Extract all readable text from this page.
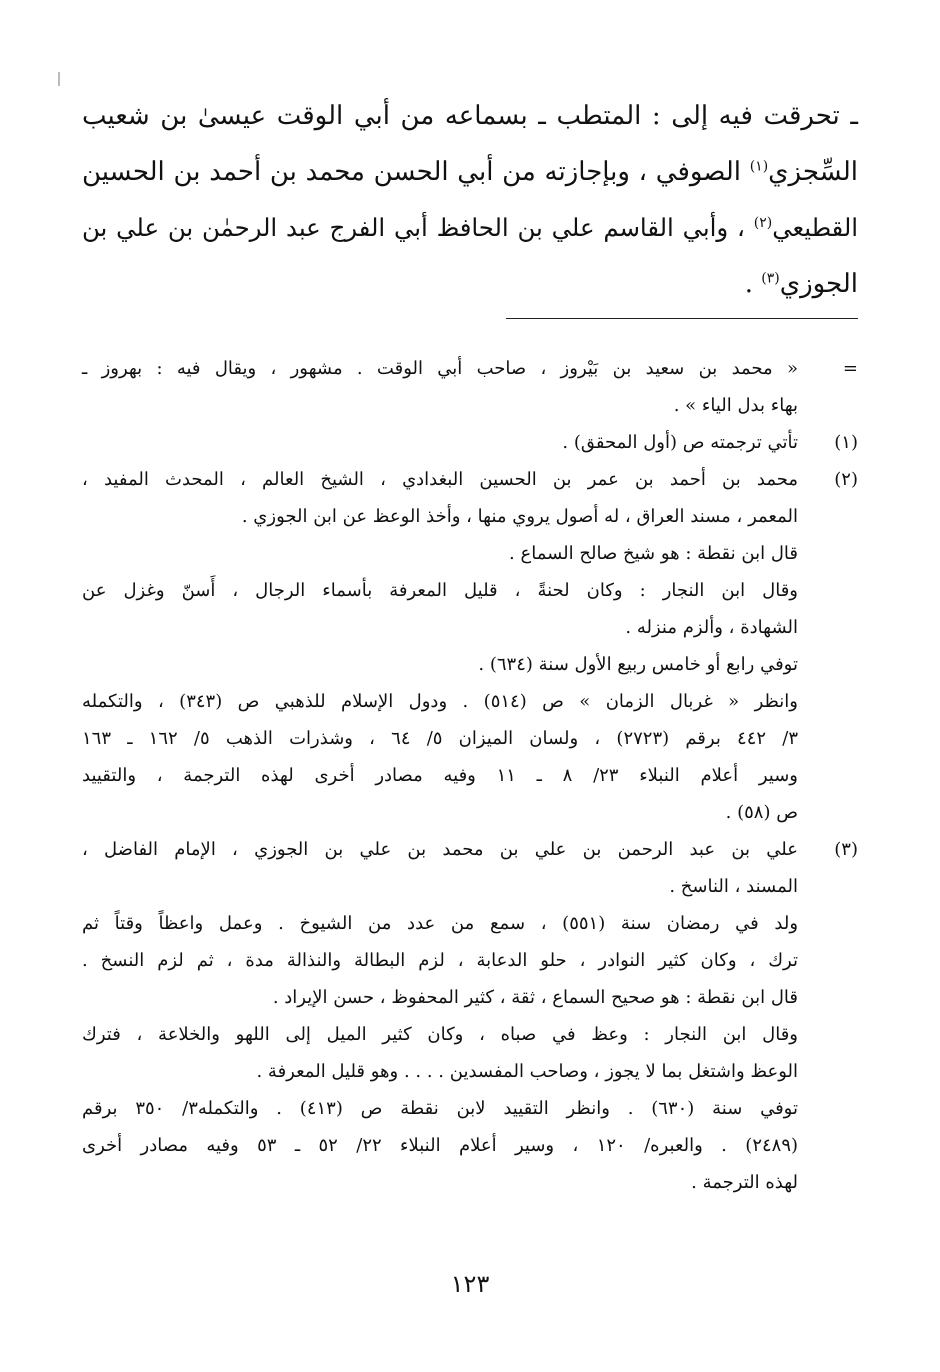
ـ تحرقت فيه إلى : المتطب ـ بسماعه من أبي الوقت عيسىٰ بن شعيب
السِّجزي$^{(١)}$ الصوفي ، وبإجازته من أبي الحسن محمد بن أحمد بن الحسين
القطيعي$^{(٢)}$ ، وأبي القاسم علي بن الحافظ أبي الفرج عبد الرحمٰن بن علي بن
الجوزي$^{(٣)}$ .
=
« محمد بن سعيد بن بَيْروز ، صاحب أبي الوقت . مشهور ، ويقال فيه : بهروز ـ
بهاء بدل الياء » .
(١)
تأتي ترجمته ص (أول المحقق) .
(٢)
محمد بن أحمد بن عمر بن الحسين البغدادي ، الشيخ العالم ، المحدث المفيد ،
المعمر ، مسند العراق ، له أصول يروي منها ، وأخذ الوعظ عن ابن الجوزي .
قال ابن نقطة : هو شيخ صالح السماع .
وقال ابن النجار : وكان لحنةً ، قليل المعرفة بأسماء الرجال ، أَسنّ وغزل عن
الشهادة ، وألزم منزله .
توفي رابع أو خامس ربيع الأول سنة (٦٣٤) .
وانظر « غربال الزمان » ص (٥١٤) . ودول الإسلام للذهبي ص (٣٤٣) ، والتكمله
٣/ ٤٤٢ برقم (٢٧٢٣) ، ولسان الميزان ٥/ ٦٤ ، وشذرات الذهب ٥/ ١٦٢ ـ ١٦٣
وسير أعلام النبلاء ٢٣/ ٨ ـ ١١ وفيه مصادر أخرى لهذه الترجمة ، والتقييد
ص (٥٨) .
(٣)
علي بن عبد الرحمن بن علي بن محمد بن علي بن الجوزي ، الإمام الفاضل ،
المسند ، الناسخ .
ولد في رمضان سنة (٥٥١) ، سمع من عدد من الشيوخ . وعمل واعظاً وقتاً ثم
ترك ، وكان كثير النوادر ، حلو الدعابة ، لزم البطالة والنذالة مدة ، ثم لزم النسخ .
قال ابن نقطة : هو صحيح السماع ، ثقة ، كثير المحفوظ ، حسن الإيراد .
وقال ابن النجار : وعظ في صباه ، وكان كثير الميل إلى اللهو والخلاعة ، فترك
الوعظ واشتغل بما لا يجوز ، وصاحب المفسدين . . . . وهو قليل المعرفة .
توفي سنة (٦٣٠) . وانظر التقييد لابن نقطة ص (٤١٣) . والتكمله٣/ ٣٥٠ برقم
(٢٤٨٩) . والعبره/ ١٢٠ ، وسير أعلام النبلاء ٢٢/ ٥٢ ـ ٥٣ وفيه مصادر أخرى
لهذه الترجمة .
١٢٣
